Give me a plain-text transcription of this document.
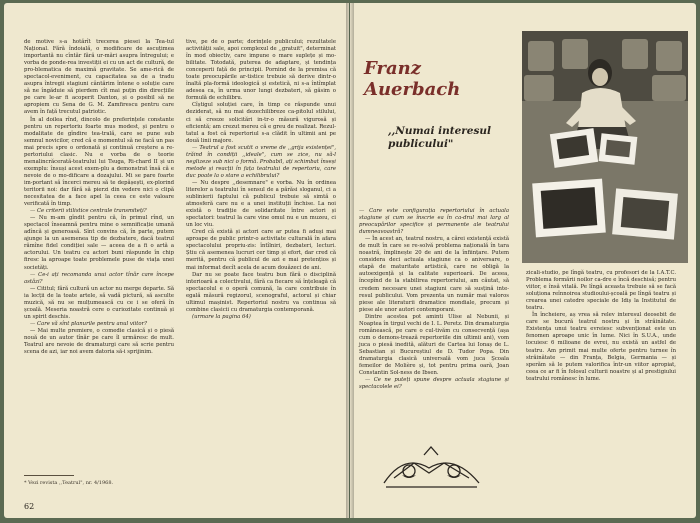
de motive s-a hotărît trecerea piesei la Tea-tul Național. Fără îndoială, o modificare de ascuțimea importantă nu cîntăr fără ur-mări asupra întregului; e vorba de ponde-rea investiții ei cu un act de cultură, de pro-blematica de maximă gravitate. Se ame-rică de spectacol-eveniment, cu capacitatea sa de a tradu asupra întregii stagiuni cântărim întene o soluție care să ne îngăduie să pierdem cît mai puțin din direcțiile pe care le-ar fi acoperit Danton, și o posibil să ne apropiem cu Sena de G. M. Zamfirescu pentru care avem în față trecutul patriotic.

În al doilea rînd, dincolo de preferințele constante pentru un repertoriu foarte mus modest, și pentru o modalitate de gîndire tea-trală, care se pune sub semnul novicilor, cred că e momentul să ne facă un pas mai precis spre o ordonată și continuă creștere a re-pertoriului clasic. Nu e vorba de o teorie menalincrăcerată-teatrului lui Tsuga, Ri-chard II și un exemplu: însuși acest exem-plu a demonstrat însă că e nevoie de o mo-dificare a dozajului. Mi se pare foarte im-portant să încerci mereu să te depășești, ex-plorind teritorii noi: dar fără să pierzi din vedere nici o clipă necesitatea de a face apel la ceea ce este valoare verificată în timp.

— Ce criterii stilistice centrale transmiteți?

— Nu m-am gîndit pentru că, în primul rînd, un spectacol înseamnă pentru mine o semnificație umană adîncă și generoasă. Sînt convins că, în parte, putem ajunge la un asemenea tip de dezbatere, dacă teatrul rămîne fidel condiției sale — aceea de a fi o artă a actorului. Un teatru cu actori buni răspunde în chip firesc la aproape toate problemele puse de viața unei societăți.

— Ce-i ați recomanda unui actor tînăr care începe astăzi?

— Cititul; fără cultură un actor nu merge departe. Să ia lecții de la toate artele, să vadă pictură, să asculte muzică, să nu se mulțumească cu ce i se oferă în școală. Meseria noastră cere o curiozitate continuă și un spirit deschis.

— Care vă sînt planurile pentru anul viitor?

— Mai multe premiere, o comedie clasică și o piesă nouă de un autor tînăr pe care îl urmăresc de mult. Teatrul are nevoie de dramaturgi care să scrie pentru scena de azi, iar noi avem datoria să-i sprijinim.

tive, pe de o parte; dorințele publicului; rezultatele activității sale, apoi complexul de ,,gratuit", determinat în mod obiectiv, care impune o mare suplețe și mo-bilitate. Totodată, puterea de adaptare, și tendința conceperii față de principii. Pornind de la premisa că toate preocupările ar-tistice trebuie să derive dintr-o înaltă pla-formă ideologică și estetică, ni s-a întîmplat adesea ca, în urma unor lungi dezbateri, să găsim o formulă de echilibru.

Cîștigul soluției care, în timp ce răspunde unui deziderat, să nu mai dezechilibreze ca-pitolul stilului, ci să creeze solicitări in-tr-o măsură vigurosă și eficientă; am crezut mereu că e greu de realizat. Rezul-tatul a fost că repertoriul s-a clădit în ultimii ani pe două linii majore.

— Teatrul a fost scutit o vreme de ,,grija existenței", trăind în condiții ,,ideale", cum se zice, nu să-l neglizeze sub nici o formă. Probabil, ați schimbat înseși metode și reacții în fața teatrului de repertoriu, care duc poate la o stare a echilibrului?

— Nu despre ,,desemnare" e vorba. Nu în ordinea literelor a teatrului în sensul de a părăsi sloganul, ci a sublinierii faptului că publicul trebuie să simtă o atmosferă care nu e a unei instituții închise. La noi există o tradiție de solidaritate între actori și spectatori: teatrul la care vine omul nu e un muzeu, ci un loc viu.

Cred că există și actori care ar putea fi aduși mai aproape de public printr-o activitate culturală în afara spectacolului propriu-zis: întîlniri, dezbateri, lecturi. Știu că asemenea lucruri cer timp și efort, dar cred că merită, pentru că publicul de azi e mai pretențios și mai informat decît acela de acum douăzeci de ani.

Dar nu se poate face teatru bun fără o disciplină interioară a colectivului, fără ca fiecare să înțeleagă că spectacolul e o operă comună, la care contribuie în egală măsură regizorul, scenograful, actorul și chiar ultimul mașinist. Repertoriul nostru va continua să combine clasicii cu dramaturgia contemporană.

(urmare la pagina 64)

* Vezi revista ,,Teatrul", nr. 4/1968.
62
Franz Auerbach
,,Numai interesul publicului"

— Care este configurația repertoriului în actuala stagiune și cum se înscrie ea în ca-drul mai larg al preocupărilor specifice și permanente ale teatrului dumneavoastră?

— În acest an, teatrul nostru, a cărei existență există de mult în care se re-solvă problema națională în tara noastră, împlinește 20 de ani de la înființare. Putem considera deci actuala stagiune ca o aniversare, o etapă de maturitate artistică, care ne obligă la autoexigență și la calitate superioară. De aceea, începînd de la stabilirea repertoriului, am căutat, să credem necesare unei stagiuni care să susțină inte-resul publicului. Vom prezenta un număr mai valoros piese ale literaturii dramatice mondiale, precum și piese ale unor autori contemporani.

Dintre acestea pot aminti Ulise al Nebunii, și Noaptea în tirgul vechi de I. L. Peretz. Din dramaturgia românească, pe care o cul-tivăm cu consecvență (așa cum o demons-trează repertoriile din ultimii ani), vom juca o piesă inedită, alături de Cartea lui Ionaș de L. Sebastian și Bucureștiul de D. Tudor Popa. Din dramaturgia clasică universală vom juca Școala femeilor de Molière și, tot pentru prima oară, Joan Constantin Sol-ness de Ibsen.

— Ce ne puteți spune despre actuala stagiune și spectacolele ei?

zicali-studio, pe lîngă teatru, cu profesori de la I.A.T.C. Problema formării noilor ca-dre e încă deschisă; pentru viitor, e însă vitală. Pe lîngă aceasta trebuie să se facă soluționa reînnoirea studioului-școală pe lîngă teatru și crearea unei catedre speciale de Idiș la Institutul de teatru.

În încheiere, aș vrea să relev interesul deosebit de care se bucură teatrul nostru și în străinătate. Existența unui teatru evreiesc subvenționat este un fenomen aproape unic în lume. Nici în S.U.A., unde locuiesc 6 milioane de evrei, nu există un astfel de teatru. Am primit mai multe oferte pentru turnee în străinătate — din Franța, Belgia, Germania — și sperăm să le putem valorifica într-un viitor apropiat, ceea ce ar fi în folosul culturii noastre și al prestigiului teatrului românesc în lume.
